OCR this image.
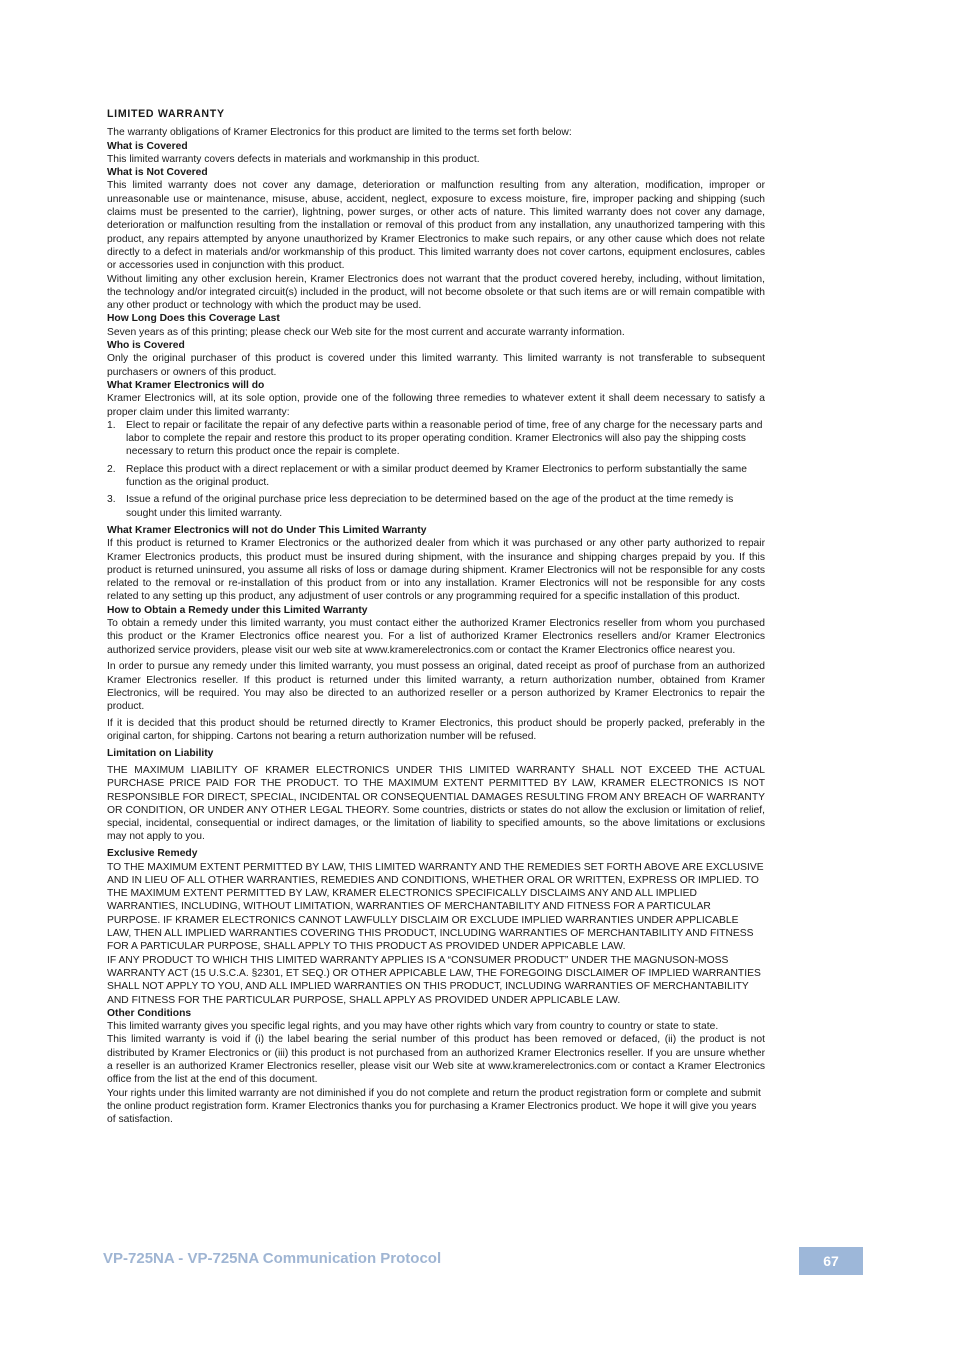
LIMITED WARRANTY

The warranty obligations of Kramer Electronics for this product are limited to the terms set forth below:

What is Covered

This limited warranty covers defects in materials and workmanship in this product.

What is Not Covered

This limited warranty does not cover any damage, deterioration or malfunction resulting from any alteration, modification, improper or unreasonable use or maintenance, misuse, abuse, accident, neglect, exposure to excess moisture, fire, improper packing and shipping (such claims must be presented to the carrier), lightning, power surges, or other acts of nature. This limited warranty does not cover any damage, deterioration or malfunction resulting from the installation or removal of this product from any installation, any unauthorized tampering with this product, any repairs attempted by anyone unauthorized by Kramer Electronics to make such repairs, or any other cause which does not relate directly to a defect in materials and/or workmanship of this product. This limited warranty does not cover cartons, equipment enclosures, cables or accessories used in conjunction with this product.

Without limiting any other exclusion herein, Kramer Electronics does not warrant that the product covered hereby, including, without limitation, the technology and/or integrated circuit(s) included in the product, will not become obsolete or that such items are or will remain compatible with any other product or technology with which the product may be used.

How Long Does this Coverage Last

Seven years as of this printing; please check our Web site for the most current and accurate warranty information.

Who is Covered

Only the original purchaser of this product is covered under this limited warranty. This limited warranty is not transferable to subsequent purchasers or owners of this product.

What Kramer Electronics will do

Kramer Electronics will, at its sole option, provide one of the following three remedies to whatever extent it shall deem necessary to satisfy a proper claim under this limited warranty:

1. Elect to repair or facilitate the repair of any defective parts within a reasonable period of time, free of any charge for the necessary parts and labor to complete the repair and restore this product to its proper operating condition. Kramer Electronics will also pay the shipping costs necessary to return this product once the repair is complete.
2. Replace this product with a direct replacement or with a similar product deemed by Kramer Electronics to perform substantially the same function as the original product.
3. Issue a refund of the original purchase price less depreciation to be determined based on the age of the product at the time remedy is sought under this limited warranty.
What Kramer Electronics will not do Under This Limited Warranty

If this product is returned to Kramer Electronics or the authorized dealer from which it was purchased or any other party authorized to repair Kramer Electronics products, this product must be insured during shipment, with the insurance and shipping charges prepaid by you. If this product is returned uninsured, you assume all risks of loss or damage during shipment. Kramer Electronics will not be responsible for any costs related to the removal or re-installation of this product from or into any installation. Kramer Electronics will not be responsible for any costs related to any setting up this product, any adjustment of user controls or any programming required for a specific installation of this product.

How to Obtain a Remedy under this Limited Warranty

To obtain a remedy under this limited warranty, you must contact either the authorized Kramer Electronics reseller from whom you purchased this product or the Kramer Electronics office nearest you. For a list of authorized Kramer Electronics resellers and/or Kramer Electronics authorized service providers, please visit our web site at www.kramerelectronics.com or contact the Kramer Electronics office nearest you.

In order to pursue any remedy under this limited warranty, you must possess an original, dated receipt as proof of purchase from an authorized Kramer Electronics reseller. If this product is returned under this limited warranty, a return authorization number, obtained from Kramer Electronics, will be required. You may also be directed to an authorized reseller or a person authorized by Kramer Electronics to repair the product.

If it is decided that this product should be returned directly to Kramer Electronics, this product should be properly packed, preferably in the original carton, for shipping. Cartons not bearing a return authorization number will be refused.

Limitation on Liability

THE MAXIMUM LIABILITY OF KRAMER ELECTRONICS UNDER THIS LIMITED WARRANTY SHALL NOT EXCEED THE ACTUAL PURCHASE PRICE PAID FOR THE PRODUCT. TO THE MAXIMUM EXTENT PERMITTED BY LAW, KRAMER ELECTRONICS IS NOT RESPONSIBLE FOR DIRECT, SPECIAL, INCIDENTAL OR CONSEQUENTIAL DAMAGES RESULTING FROM ANY BREACH OF WARRANTY OR CONDITION, OR UNDER ANY OTHER LEGAL THEORY. Some countries, districts or states do not allow the exclusion or limitation of relief, special, incidental, consequential or indirect damages, or the limitation of liability to specified amounts, so the above limitations or exclusions may not apply to you.

Exclusive Remedy

TO THE MAXIMUM EXTENT PERMITTED BY LAW, THIS LIMITED WARRANTY AND THE REMEDIES SET FORTH ABOVE ARE EXCLUSIVE AND IN LIEU OF ALL OTHER WARRANTIES, REMEDIES AND CONDITIONS, WHETHER ORAL OR WRITTEN, EXPRESS OR IMPLIED. TO THE MAXIMUM EXTENT PERMITTED BY LAW, KRAMER ELECTRONICS SPECIFICALLY DISCLAIMS ANY AND ALL IMPLIED WARRANTIES, INCLUDING, WITHOUT LIMITATION, WARRANTIES OF MERCHANTABILITY AND FITNESS FOR A PARTICULAR PURPOSE. IF KRAMER ELECTRONICS CANNOT LAWFULLY DISCLAIM OR EXCLUDE IMPLIED WARRANTIES UNDER APPLICABLE LAW, THEN ALL IMPLIED WARRANTIES COVERING THIS PRODUCT, INCLUDING WARRANTIES OF MERCHANTABILITY AND FITNESS FOR A PARTICULAR PURPOSE, SHALL APPLY TO THIS PRODUCT AS PROVIDED UNDER APPICABLE LAW.

IF ANY PRODUCT TO WHICH THIS LIMITED WARRANTY APPLIES IS A “CONSUMER PRODUCT” UNDER THE MAGNUSON-MOSS WARRANTY ACT (15 U.S.C.A. §2301, ET SEQ.) OR OTHER APPICABLE LAW, THE FOREGOING DISCLAIMER OF IMPLIED WARRANTIES SHALL NOT APPLY TO YOU, AND ALL IMPLIED WARRANTIES ON THIS PRODUCT, INCLUDING WARRANTIES OF MERCHANTABILITY AND FITNESS FOR THE PARTICULAR PURPOSE, SHALL APPLY AS PROVIDED UNDER APPLICABLE LAW.

Other Conditions

This limited warranty gives you specific legal rights, and you may have other rights which vary from country to country or state to state.

This limited warranty is void if (i) the label bearing the serial number of this product has been removed or defaced, (ii) the product is not distributed by Kramer Electronics or (iii) this product is not purchased from an authorized Kramer Electronics reseller. If you are unsure whether a reseller is an authorized Kramer Electronics reseller, please visit our Web site at www.kramerelectronics.com or contact a Kramer Electronics office from the list at the end of this document.

Your rights under this limited warranty are not diminished if you do not complete and return the product registration form or complete and submit the online product registration form. Kramer Electronics thanks you for purchasing a Kramer Electronics product. We hope it will give you years of satisfaction.

VP-725NA - VP-725NA Communication Protocol	67
